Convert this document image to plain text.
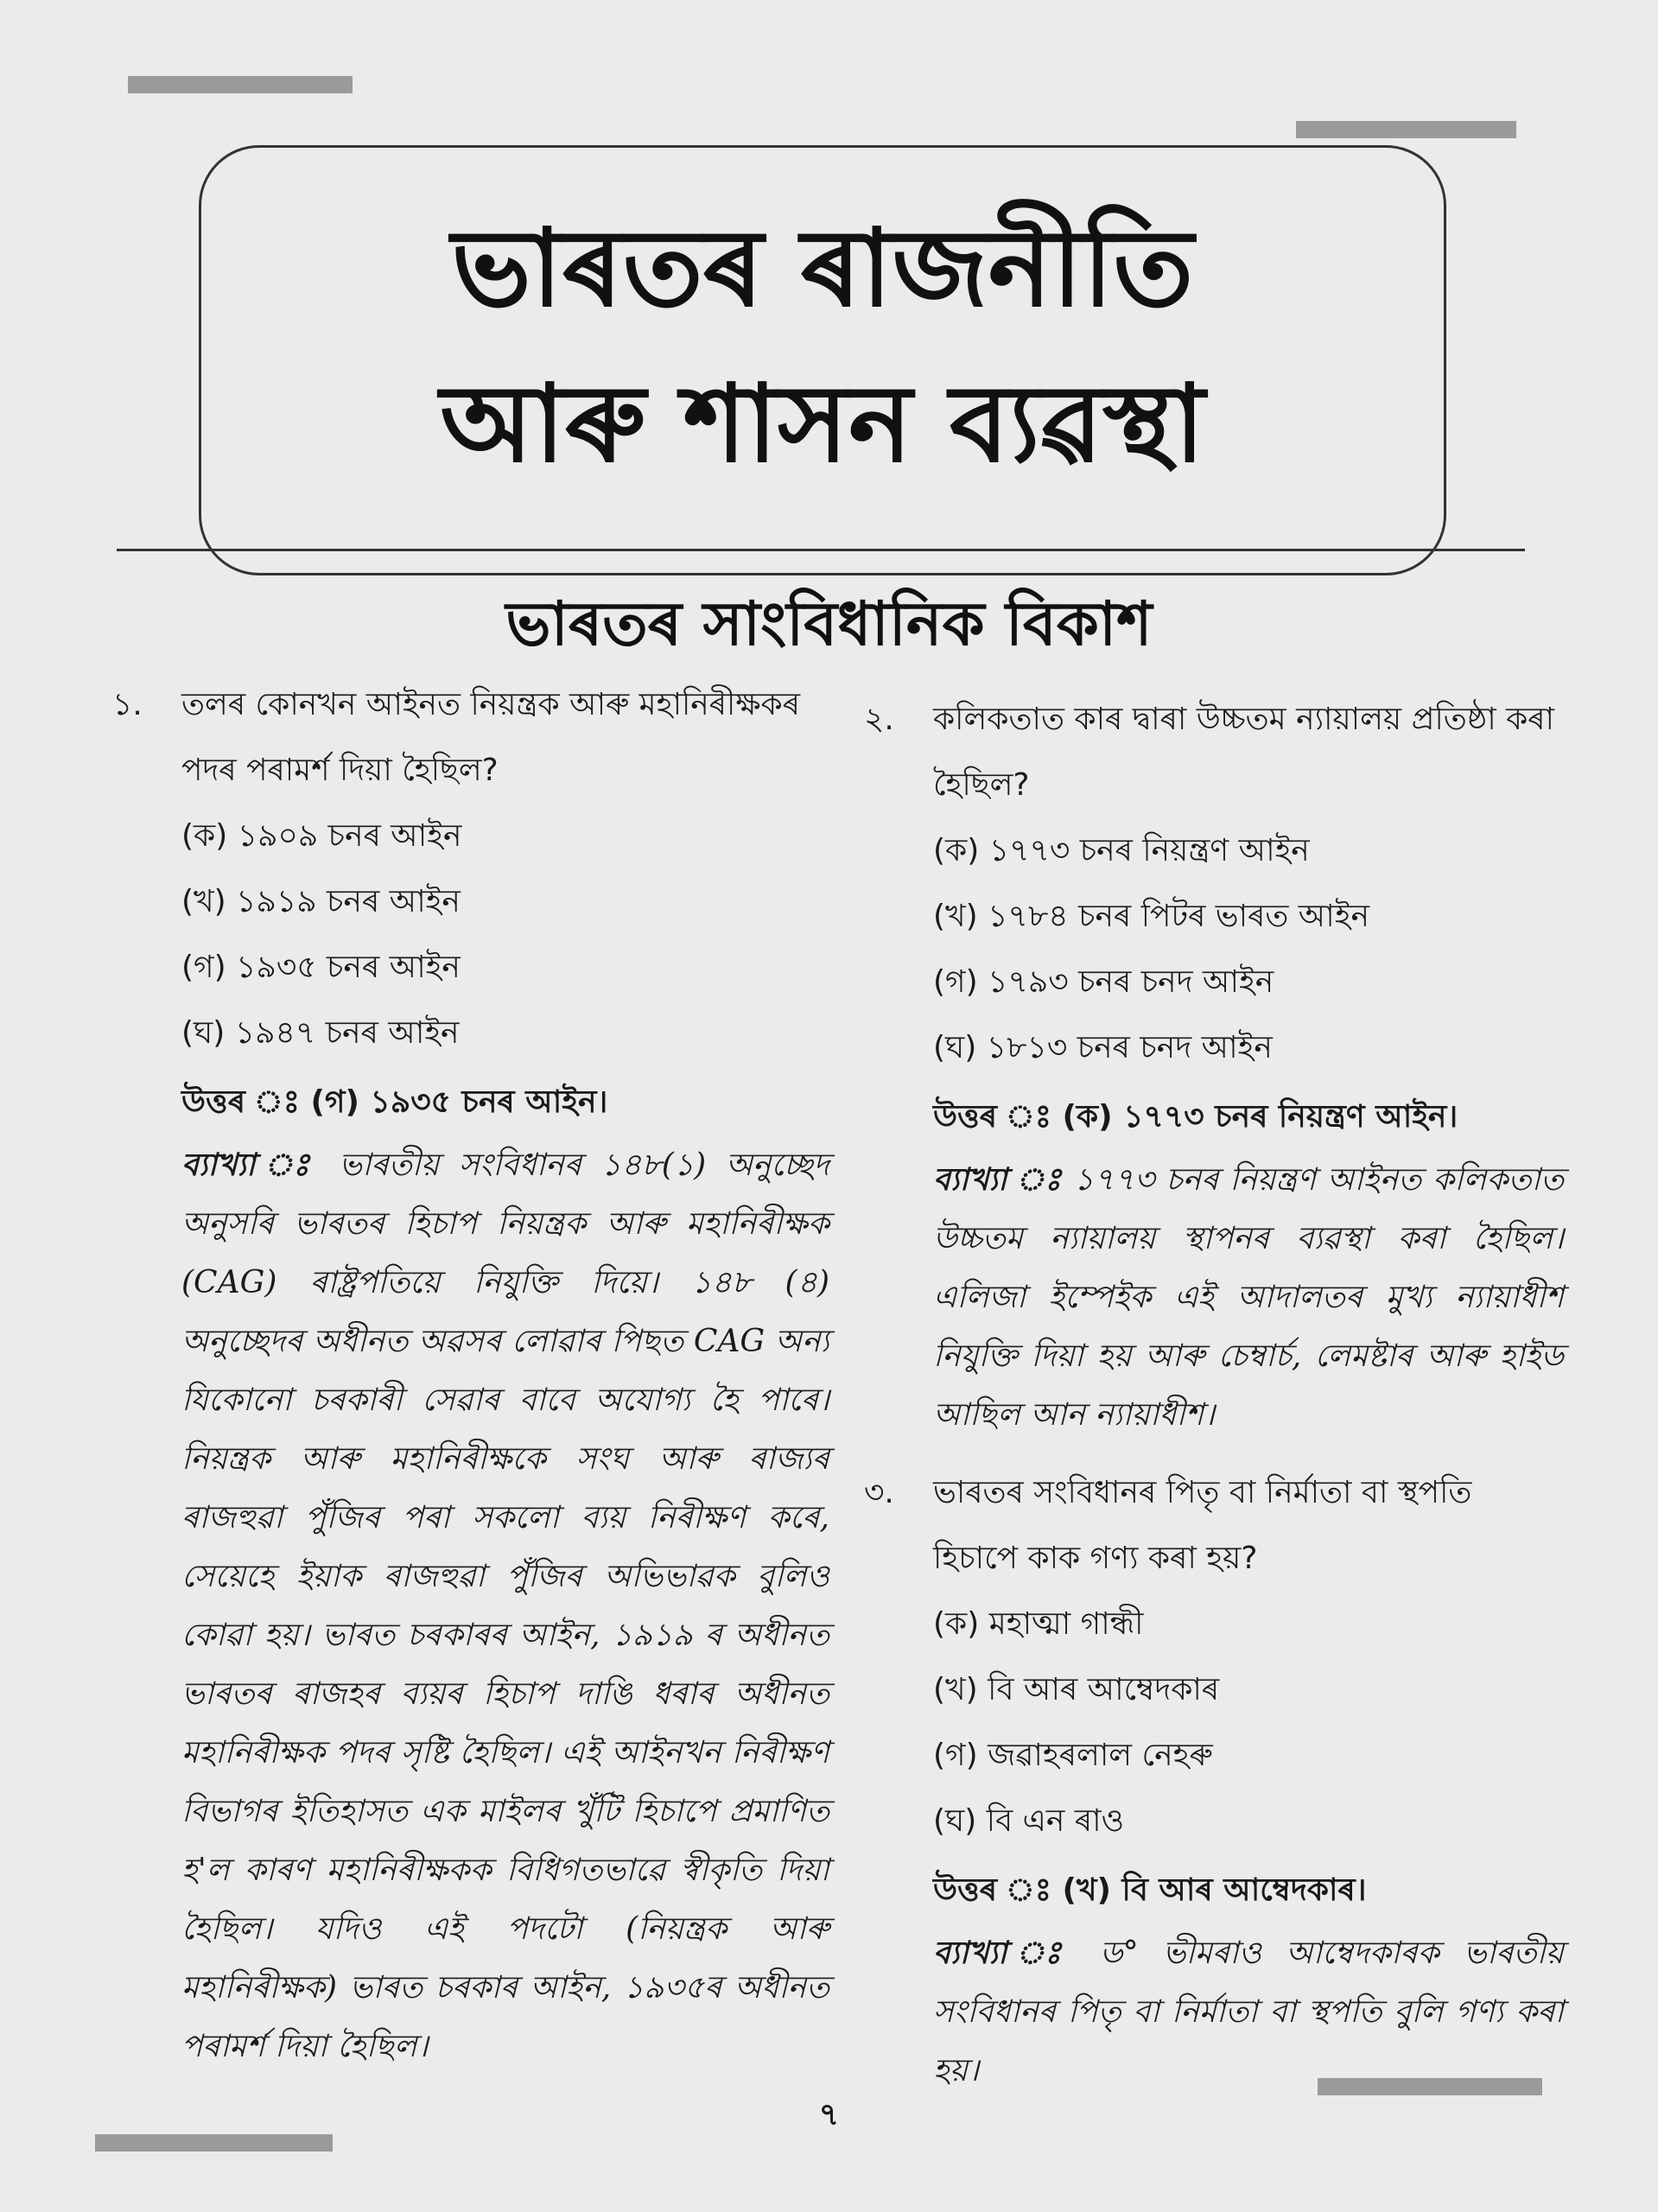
ভাৰতৰ ৰাজনীতি
আৰু শাসন ব্যৱস্থা
ভাৰতৰ সাংবিধানিক বিকাশ
১. তলৰ কোনখন আইনত নিয়ন্ত্ৰক আৰু মহানিৰীক্ষকৰ পদৰ পৰামৰ্শ দিয়া হৈছিল?
(ক) ১৯০৯ চনৰ আইন
(খ) ১৯১৯ চনৰ আইন
(গ) ১৯৩৫ চনৰ আইন
(ঘ) ১৯৪৭ চনৰ আইন
উত্তৰ ঃ (গ) ১৯৩৫ চনৰ আইন।
ব্যাখ্যা ঃ ভাৰতীয় সংবিধানৰ ১৪৮(১) অনুচ্ছেদ অনুসৰি ভাৰতৰ হিচাপ নিয়ন্ত্ৰক আৰু মহানিৰীক্ষক (CAG) ৰাষ্ট্ৰপতিয়ে নিযুক্তি দিয়ে। ১৪৮ (৪) অনুচ্ছেদৰ অধীনত অৱসৰ লোৱাৰ পিছত CAG অন্য যিকোনো চৰকাৰী সেৱাৰ বাবে অযোগ্য হৈ পাৰে। নিয়ন্ত্ৰক আৰু মহানিৰীক্ষকে সংঘ আৰু ৰাজ্যৰ ৰাজহুৱা পুঁজিৰ পৰা সকলো ব্যয় নিৰীক্ষণ কৰে, সেয়েহে ইয়াক ৰাজহুৱা পুঁজিৰ অভিভাৱক বুলিও কোৱা হয়। ভাৰত চৰকাৰৰ আইন, ১৯১৯ ৰ অধীনত ভাৰতৰ ৰাজহৰ ব্যয়ৰ হিচাপ দাঙি ধৰাৰ অধীনত মহানিৰীক্ষক পদৰ সৃষ্টি হৈছিল। এই আইনখন নিৰীক্ষণ বিভাগৰ ইতিহাসত এক মাইলৰ খুঁটি হিচাপে প্ৰমাণিত হ'ল কাৰণ মহানিৰীক্ষকক বিধিগতভাৱে স্বীকৃতি দিয়া হৈছিল। যদিও এই পদটো (নিয়ন্ত্ৰক আৰু মহানিৰীক্ষক) ভাৰত চৰকাৰ আইন, ১৯৩৫ৰ অধীনত পৰামৰ্শ দিয়া হৈছিল।
২. কলিকতাত কাৰ দ্বাৰা উচ্চতম ন্যায়ালয় প্ৰতিষ্ঠা কৰা হৈছিল?
(ক) ১৭৭৩ চনৰ নিয়ন্ত্ৰণ আইন
(খ) ১৭৮৪ চনৰ পিটৰ ভাৰত আইন
(গ) ১৭৯৩ চনৰ চনদ আইন
(ঘ) ১৮১৩ চনৰ চনদ আইন
উত্তৰ ঃ (ক) ১৭৭৩ চনৰ নিয়ন্ত্ৰণ আইন।
ব্যাখ্যা ঃ ১৭৭৩ চনৰ নিয়ন্ত্ৰণ আইনত কলিকতাত উচ্চতম ন্যায়ালয় স্থাপনৰ ব্যৱস্থা কৰা হৈছিল। এলিজা ইম্পেইক এই আদালতৰ মুখ্য ন্যায়াধীশ নিযুক্তি দিয়া হয় আৰু চেম্বাৰ্চ, লেমষ্টাৰ আৰু হাইড আছিল আন ন্যায়াধীশ।
৩. ভাৰতৰ সংবিধানৰ পিতৃ বা নিৰ্মাতা বা স্থপতি হিচাপে কাক গণ্য কৰা হয়?
(ক) মহাত্মা গান্ধী
(খ) বি আৰ আম্বেদকাৰ
(গ) জৱাহৰলাল নেহৰু
(ঘ) বি এন ৰাও
উত্তৰ ঃ (খ) বি আৰ আম্বেদকাৰ।
ব্যাখ্যা ঃ ড° ভীমৰাও আম্বেদকাৰক ভাৰতীয় সংবিধানৰ পিতৃ বা নিৰ্মাতা বা স্থপতি বুলি গণ্য কৰা হয়।
৭
